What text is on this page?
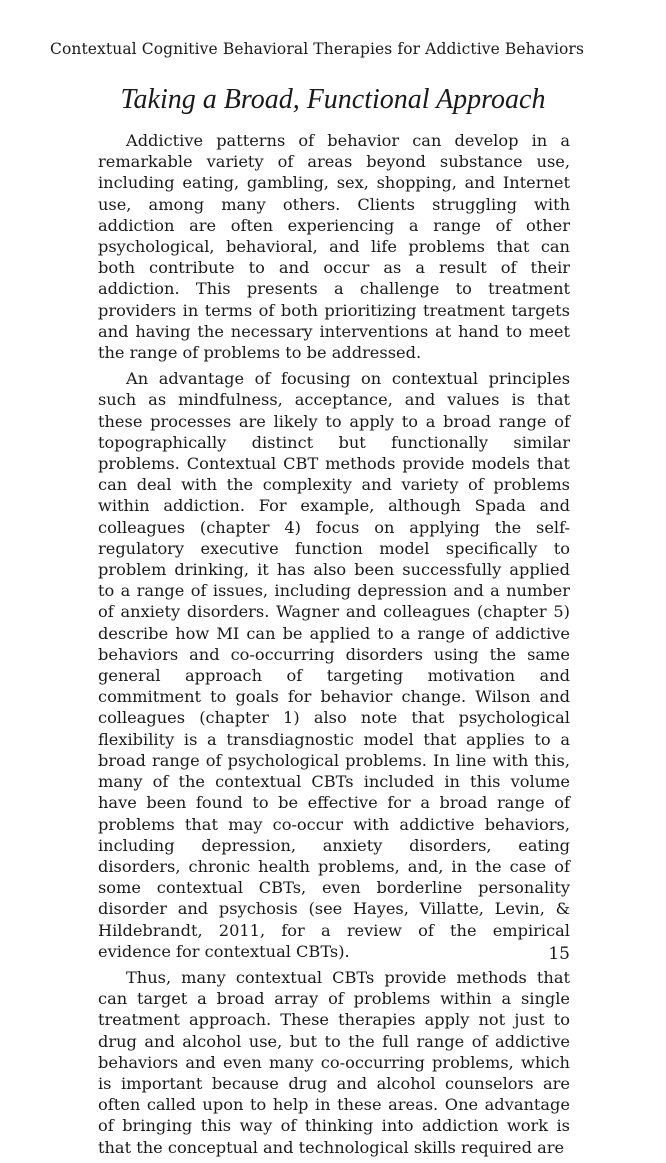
Contextual Cognitive Behavioral Therapies for Addictive Behaviors
Taking a Broad, Functional Approach

Addictive patterns of behavior can develop in a remarkable variety of areas beyond substance use, including eating, gambling, sex, shopping, and Internet use, among many others. Clients struggling with addiction are often experiencing a range of other psychological, behavioral, and life problems that can both contribute to and occur as a result of their addiction. This presents a challenge to treatment providers in terms of both prioritizing treatment targets and having the necessary interventions at hand to meet the range of problems to be addressed.

An advantage of focusing on contextual principles such as mindfulness, acceptance, and values is that these processes are likely to apply to a broad range of topographically distinct but functionally similar problems. Contextual CBT methods provide models that can deal with the complexity and variety of problems within addiction. For example, although Spada and colleagues (chapter 4) focus on applying the self-regulatory executive function model specifically to problem drinking, it has also been successfully applied to a range of issues, including depression and a number of anxiety disorders. Wagner and colleagues (chapter 5) describe how MI can be applied to a range of addictive behaviors and co-occurring disorders using the same general approach of targeting motivation and commitment to goals for behavior change. Wilson and colleagues (chapter 1) also note that psychological flexibility is a transdiagnostic model that applies to a broad range of psychological problems. In line with this, many of the contextual CBTs included in this volume have been found to be effective for a broad range of problems that may co-occur with addictive behaviors, including depression, anxiety disorders, eating disorders, chronic health problems, and, in the case of some contextual CBTs, even borderline personality disorder and psychosis (see Hayes, Villatte, Levin, & Hildebrandt, 2011, for a review of the empirical evidence for contextual CBTs).

Thus, many contextual CBTs provide methods that can target a broad array of problems within a single treatment approach. These therapies apply not just to drug and alcohol use, but to the full range of addictive behaviors and even many co-occurring problems, which is important because drug and alcohol counselors are often called upon to help in these areas. One advantage of bringing this way of thinking into addiction work is that the conceptual and technological skills required are

15
